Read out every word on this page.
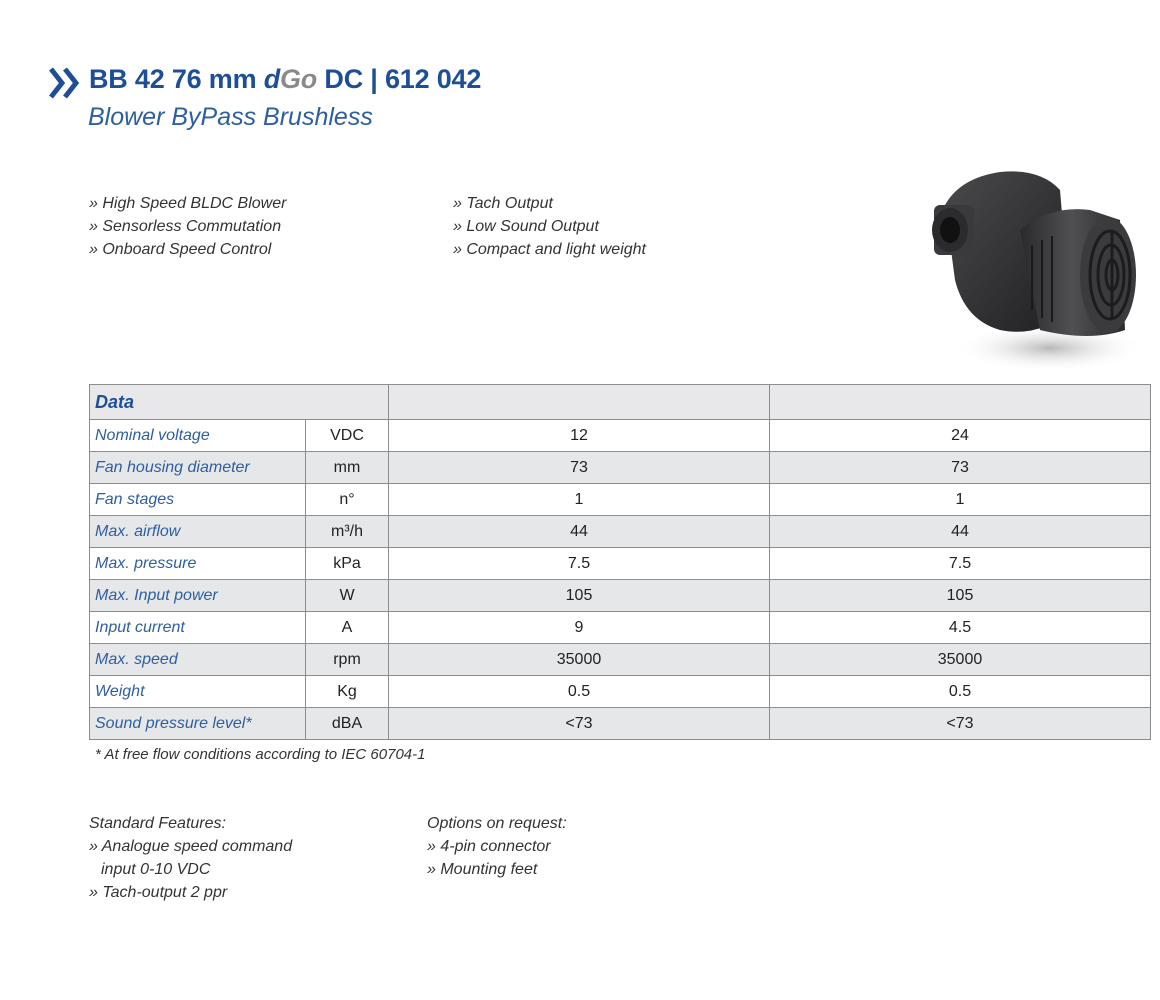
BB 42 76 mm dGo DC | 612 042
Blower ByPass Brushless
» High Speed BLDC Blower
» Sensorless Commutation
» Onboard Speed Control
» Tach Output
» Low Sound Output
» Compact and light weight
Data			
Nominal voltage	VDC	12	24
Fan housing diameter	mm	73	73
Fan stages	n°	1	1
Max. airflow	m³/h	44	44
Max. pressure	kPa	7.5	7.5
Max. Input power	W	105	105
Input current	A	9	4.5
Max. speed	rpm	35000	35000
Weight	Kg	0.5	0.5
Sound pressure level*	dBA	<73	<73
* At free flow conditions according to IEC 60704-1
Standard Features:
» Analogue speed command
input 0-10 VDC
» Tach-output 2 ppr
Options on request:
» 4-pin connector
» Mounting feet
